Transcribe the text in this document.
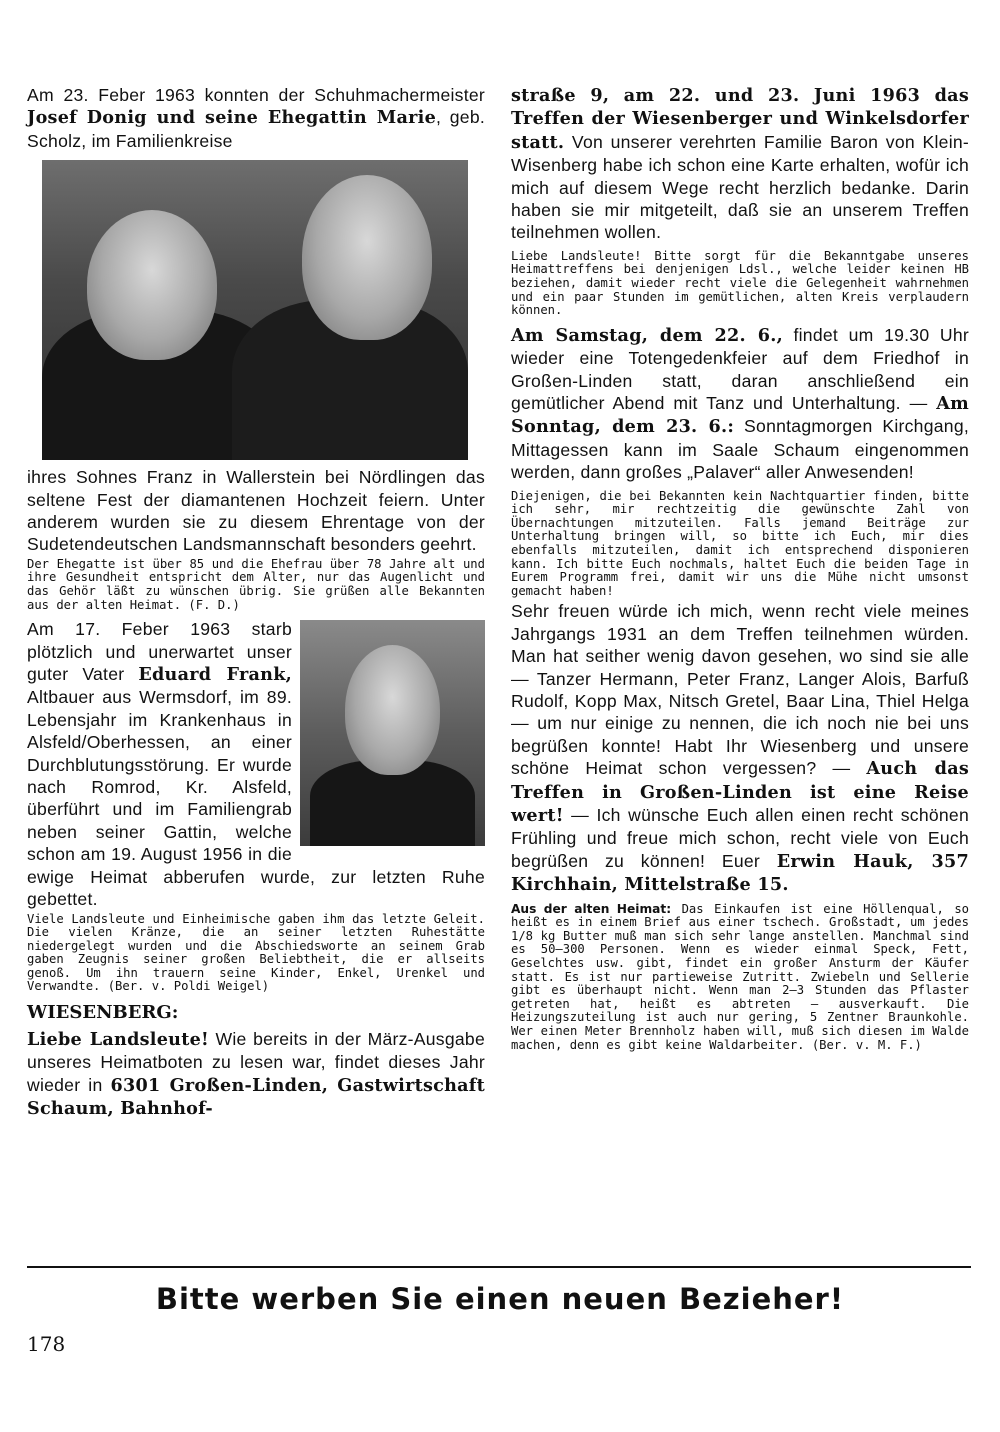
Am 23. Feber 1963 konnten der Schuhmachermeister Josef Donig und seine Ehegattin Marie, geb. Scholz, im Familienkreise

ihres Sohnes Franz in Wallerstein bei Nördlingen das seltene Fest der diamantenen Hochzeit feiern. Unter anderem wurden sie zu diesem Ehrentage von der Sudetendeutschen Landsmannschaft besonders geehrt.

Der Ehegatte ist über 85 und die Ehefrau über 78 Jahre alt und ihre Gesundheit entspricht dem Alter, nur das Augenlicht und das Gehör läßt zu wünschen übrig. Sie grüßen alle Bekannten aus der alten Heimat. (F. D.)

Am 17. Feber 1963 starb plötzlich und unerwartet unser guter Vater Eduard Frank, Altbauer aus Wermsdorf, im 89. Lebensjahr im Krankenhaus in Alsfeld/Oberhessen, an einer Durchblutungsstörung. Er wurde nach Romrod, Kr. Alsfeld, überführt und im Familiengrab neben seiner Gattin, welche schon am 19. August 1956 in die ewige Heimat abberufen wurde, zur letzten Ruhe gebettet.

Viele Landsleute und Einheimische gaben ihm das letzte Geleit. Die vielen Kränze, die an seiner letzten Ruhestätte niedergelegt wurden und die Abschiedsworte an seinem Grab gaben Zeugnis seiner großen Beliebtheit, die er allseits genoß. Um ihn trauern seine Kinder, Enkel, Urenkel und Verwandte. (Ber. v. Poldi Weigel)

WIESENBERG:

Liebe Landsleute! Wie bereits in der März-Ausgabe unseres Heimatboten zu lesen war, findet dieses Jahr wieder in 6301 Großen-Linden, Gastwirtschaft Schaum, Bahnhof-

straße 9, am 22. und 23. Juni 1963 das Treffen der Wiesenberger und Winkelsdorfer statt. Von unserer verehrten Familie Baron von Klein-Wisenberg habe ich schon eine Karte erhalten, wofür ich mich auf diesem Wege recht herzlich bedanke. Darin haben sie mir mitgeteilt, daß sie an unserem Treffen teilnehmen wollen.

Liebe Landsleute! Bitte sorgt für die Bekanntgabe unseres Heimattreffens bei denjenigen Ldsl., welche leider keinen HB beziehen, damit wieder recht viele die Gelegenheit wahrnehmen und ein paar Stunden im gemütlichen, alten Kreis verplaudern können.

Am Samstag, dem 22. 6., findet um 19.30 Uhr wieder eine Totengedenkfeier auf dem Friedhof in Großen-Linden statt, daran anschließend ein gemütlicher Abend mit Tanz und Unterhaltung. — Am Sonntag, dem 23. 6.: Sonntagmorgen Kirchgang, Mittagessen kann im Saale Schaum eingenommen werden, dann großes „Palaver“ aller Anwesenden!

Diejenigen, die bei Bekannten kein Nachtquartier finden, bitte ich sehr, mir rechtzeitig die gewünschte Zahl von Übernachtungen mitzuteilen. Falls jemand Beiträge zur Unterhaltung bringen will, so bitte ich Euch, mir dies ebenfalls mitzuteilen, damit ich entsprechend disponieren kann. Ich bitte Euch nochmals, haltet Euch die beiden Tage in Eurem Programm frei, damit wir uns die Mühe nicht umsonst gemacht haben!

Sehr freuen würde ich mich, wenn recht viele meines Jahrgangs 1931 an dem Treffen teilnehmen würden. Man hat seither wenig davon gesehen, wo sind sie alle — Tanzer Hermann, Peter Franz, Langer Alois, Barfuß Rudolf, Kopp Max, Nitsch Gretel, Baar Lina, Thiel Helga — um nur einige zu nennen, die ich noch nie bei uns begrüßen konnte! Habt Ihr Wiesenberg und unsere schöne Heimat schon vergessen? — Auch das Treffen in Großen-Linden ist eine Reise wert! — Ich wünsche Euch allen einen recht schönen Frühling und freue mich schon, recht viele von Euch begrüßen zu können! Euer Erwin Hauk, 357 Kirchhain, Mittelstraße 15.

Aus der alten Heimat: Das Einkaufen ist eine Höllenqual, so heißt es in einem Brief aus einer tschech. Großstadt, um jedes 1/8 kg Butter muß man sich sehr lange anstellen. Manchmal sind es 50—300 Personen. Wenn es wieder einmal Speck, Fett, Geselchtes usw. gibt, findet ein großer Ansturm der Käufer statt. Es ist nur partieweise Zutritt. Zwiebeln und Sellerie gibt es überhaupt nicht. Wenn man 2—3 Stunden das Pflaster getreten hat, heißt es abtreten — ausverkauft. Die Heizungszuteilung ist auch nur gering, 5 Zentner Braunkohle. Wer einen Meter Brennholz haben will, muß sich diesen im Walde machen, denn es gibt keine Waldarbeiter. (Ber. v. M. F.)

Bitte werben Sie einen neuen Bezieher!
178
